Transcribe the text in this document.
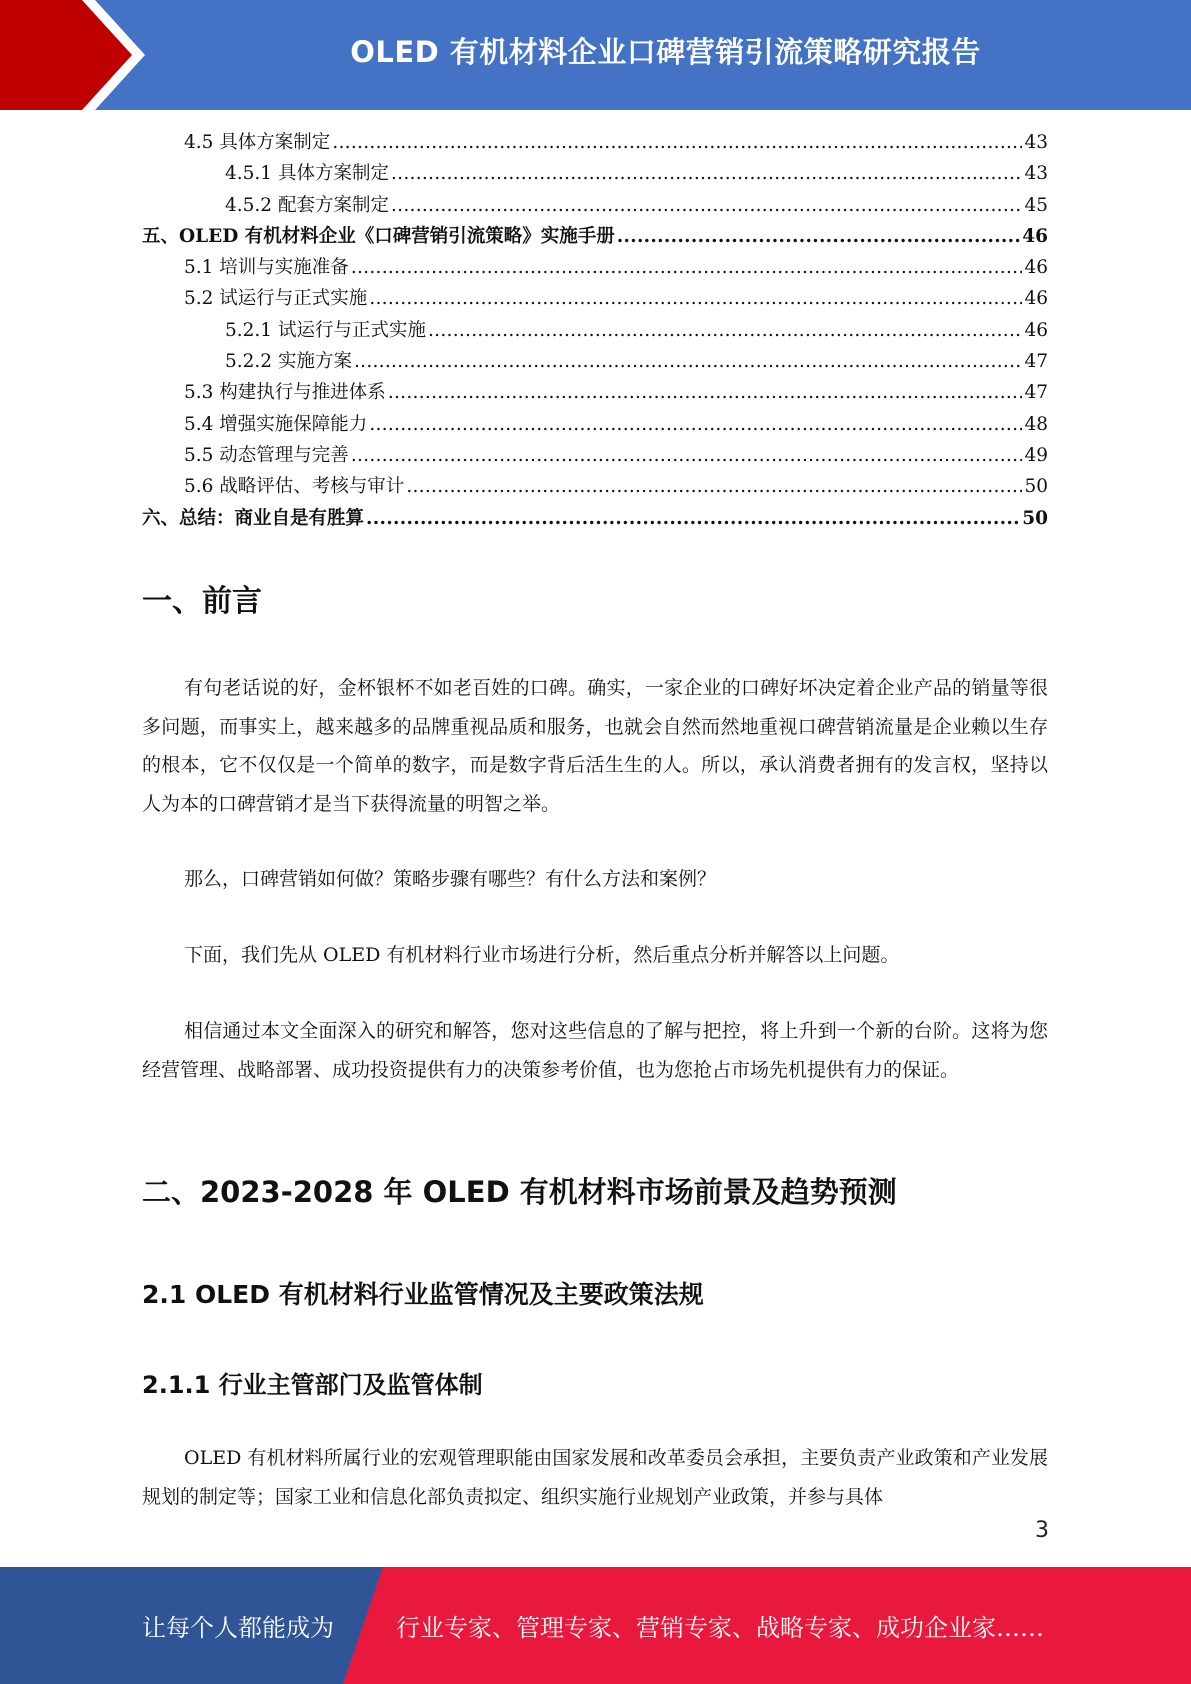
OLED 有机材料企业口碑营销引流策略研究报告
4.5 具体方案制定 .....	43
4.5.1 具体方案制定 .....	43
4.5.2 配套方案制定 .....	45
五、OLED 有机材料企业《口碑营销引流策略》实施手册 .....	46
5.1 培训与实施准备 .....	46
5.2 试运行与正式实施 .....	46
5.2.1 试运行与正式实施 .....	46
5.2.2 实施方案 .....	47
5.3 构建执行与推进体系 .....	47
5.4 增强实施保障能力 .....	48
5.5 动态管理与完善 .....	49
5.6 战略评估、考核与审计 .....	50
六、总结：商业自是有胜算 .....	50
一、前言

有句老话说的好，金杯银杯不如老百姓的口碑。确实，一家企业的口碑好坏决定着企业产品的销量等很多问题，而事实上，越来越多的品牌重视品质和服务，也就会自然而然地重视口碑营销流量是企业赖以生存的根本，它不仅仅是一个简单的数字，而是数字背后活生生的人。所以，承认消费者拥有的发言权，坚持以人为本的口碑营销才是当下获得流量的明智之举。

那么，口碑营销如何做？策略步骤有哪些？有什么方法和案例？

下面，我们先从 OLED 有机材料行业市场进行分析，然后重点分析并解答以上问题。

相信通过本文全面深入的研究和解答，您对这些信息的了解与把控，将上升到一个新的台阶。这将为您经营管理、战略部署、成功投资提供有力的决策参考价值，也为您抢占市场先机提供有力的保证。

二、2023-2028 年 OLED 有机材料市场前景及趋势预测
2.1 OLED 有机材料行业监管情况及主要政策法规
2.1.1 行业主管部门及监管体制

OLED 有机材料所属行业的宏观管理职能由国家发展和改革委员会承担，主要负责产业政策和产业发展规划的制定等；国家工业和信息化部负责拟定、组织实施行业规划产业政策，并参与具体

3
让每个人都能成为	行业专家、管理专家、营销专家、战略专家、成功企业家……
